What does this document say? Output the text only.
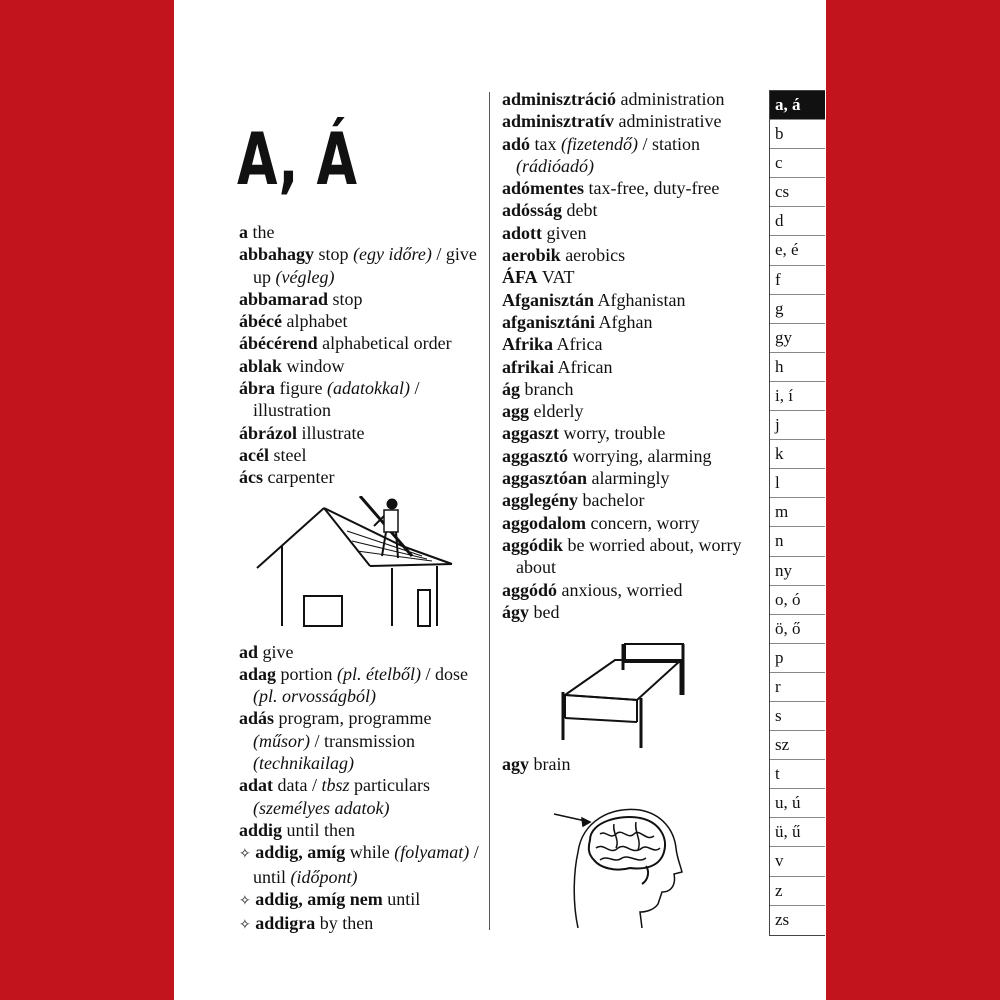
A, Á
a the
abbahagy stop (egy időre) / give up (végleg)
abbamarad stop
ábécé alphabet
ábécérend alphabetical order
ablak window
ábra figure (adatokkal) / illustration
ábrázol illustrate
acél steel
ács carpenter
ad give
adag portion (pl. ételből) / dose (pl. orvosságból)
adás program, programme (műsor) / transmission (technikailag)
adat data / tbsz particulars (személyes adatok)
addig until then
✧ addig, amíg while (folyamat) / until (időpont)
✧ addig, amíg nem until
✧ addigra by then
adminisztráció administration
adminisztratív administrative
adó tax (fizetendő) / station (rádióadó)
adómentes tax-free, duty-free
adósság debt
adott given
aerobik aerobics
ÁFA VAT
Afganisztán Afghanistan
afganisztáni Afghan
Afrika Africa
afrikai African
ág branch
agg elderly
aggaszt worry, trouble
aggasztó worrying, alarming
aggasztóan alarmingly
agglegény bachelor
aggodalom concern, worry
aggódik be worried about, worry about
aggódó anxious, worried
ágy bed
agy brain
a, á
b
c
cs
d
e, é
f
g
gy
h
i, í
j
k
l
m
n
ny
o, ó
ö, ő
p
r
s
sz
t
u, ú
ü, ű
v
z
zs
